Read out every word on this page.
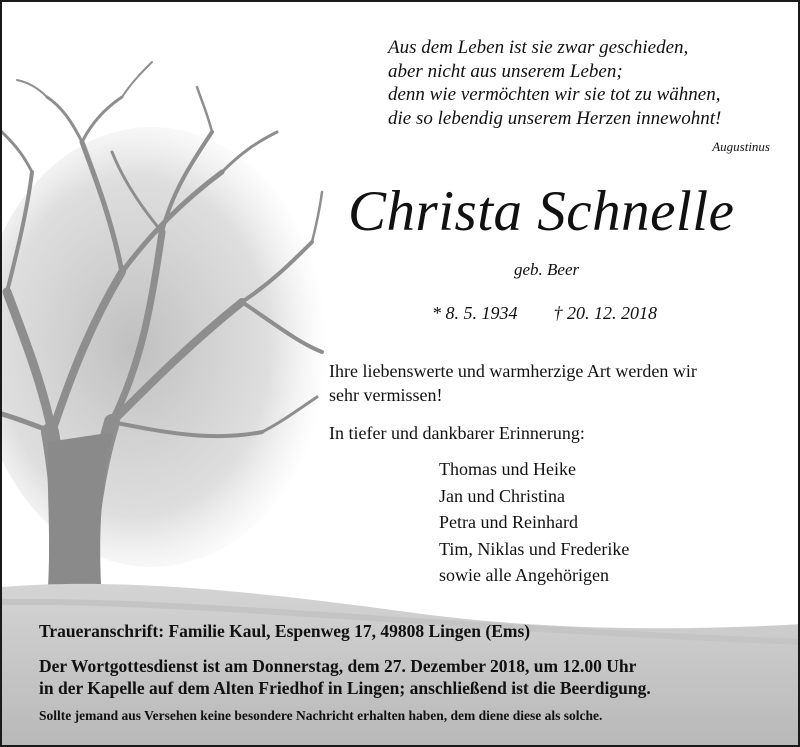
Aus dem Leben ist sie zwar geschieden,
aber nicht aus unserem Leben;
denn wie vermöchten wir sie tot zu wähnen,
die so lebendig unserem Herzen innewohnt!
Augustinus
Christa Schnelle
geb. Beer
* 8. 5. 1934 † 20. 12. 2018
Ihre liebenswerte und warmherzige Art werden wir
sehr vermissen!
In tiefer und dankbarer Erinnerung:
Thomas und Heike
Jan und Christina
Petra und Reinhard
Tim, Niklas und Frederike
sowie alle Angehörigen
Traueranschrift: Familie Kaul, Espenweg 17, 49808 Lingen (Ems)
Der Wortgottesdienst ist am Donnerstag, dem 27. Dezember 2018, um 12.00 Uhr
in der Kapelle auf dem Alten Friedhof in Lingen; anschließend ist die Beerdigung.
Sollte jemand aus Versehen keine besondere Nachricht erhalten haben, dem diene diese als solche.
